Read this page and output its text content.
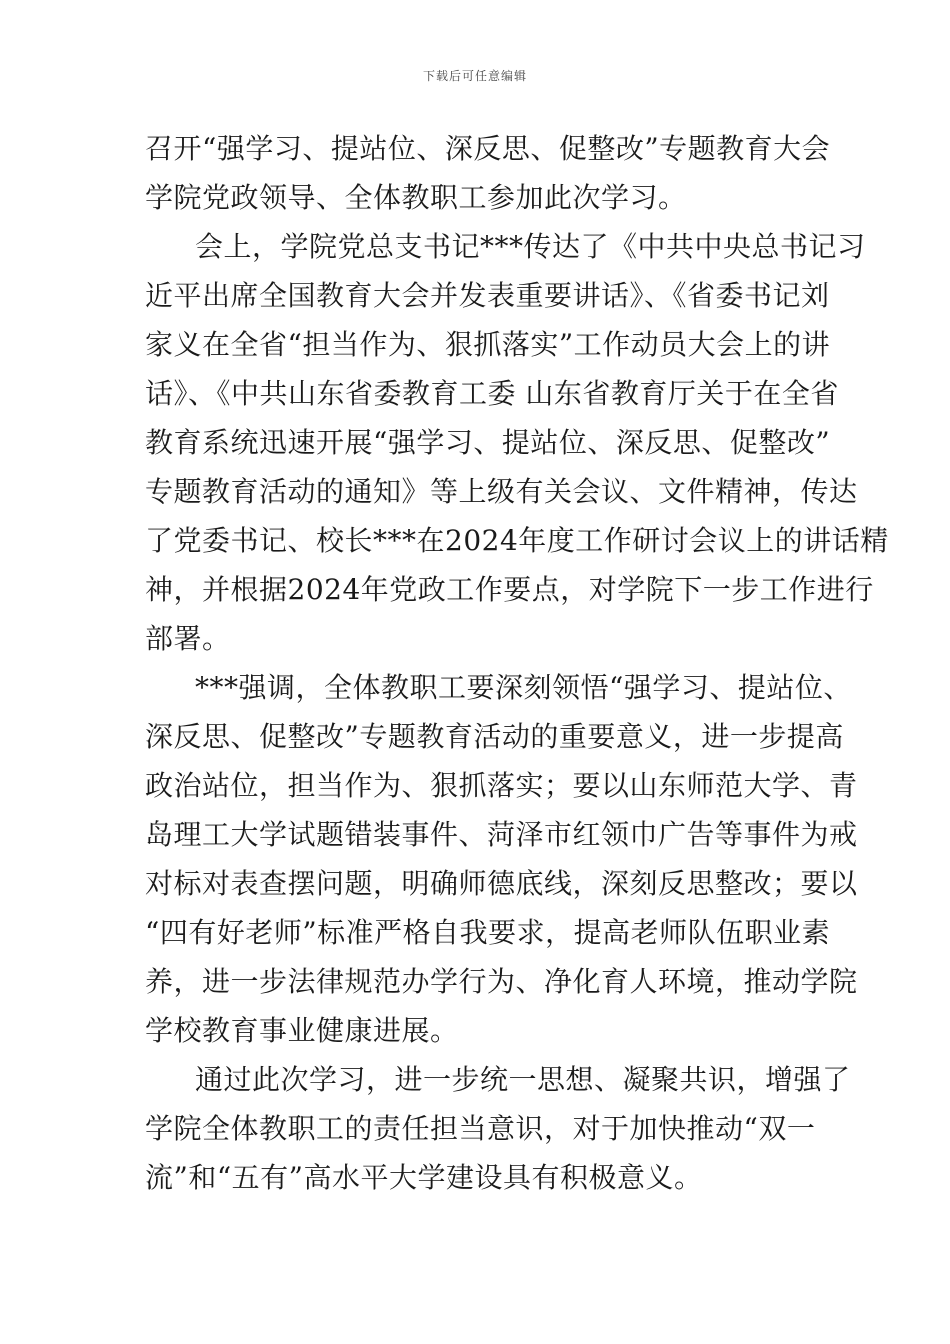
下载后可任意编辑
召开“强学习、提站位、深反思、促整改”专题教育大会
学院党政领导、全体教职工参加此次学习。
会上，学院党总支书记***传达了《中共中央总书记习
近平出席全国教育大会并发表重要讲话》、《省委书记刘
家义在全省“担当作为、狠抓落实”工作动员大会上的讲
话》、《中共山东省委教育工委 山东省教育厅关于在全省
教育系统迅速开展“强学习、提站位、深反思、促整改”
专题教育活动的通知》等上级有关会议、文件精神，传达
了党委书记、校长***在2024年度工作研讨会议上的讲话精
神，并根据2024年党政工作要点，对学院下一步工作进行
部署。
***强调，全体教职工要深刻领悟“强学习、提站位、
深反思、促整改”专题教育活动的重要意义，进一步提高
政治站位，担当作为、狠抓落实；要以山东师范大学、青
岛理工大学试题错装事件、菏泽市红领巾广告等事件为戒
对标对表查摆问题，明确师德底线，深刻反思整改；要以
“四有好老师”标准严格自我要求，提高老师队伍职业素
养，进一步法律规范办学行为、净化育人环境，推动学院
学校教育事业健康进展。
通过此次学习，进一步统一思想、凝聚共识，增强了
学院全体教职工的责任担当意识，对于加快推动“双一
流”和“五有”高水平大学建设具有积极意义。
